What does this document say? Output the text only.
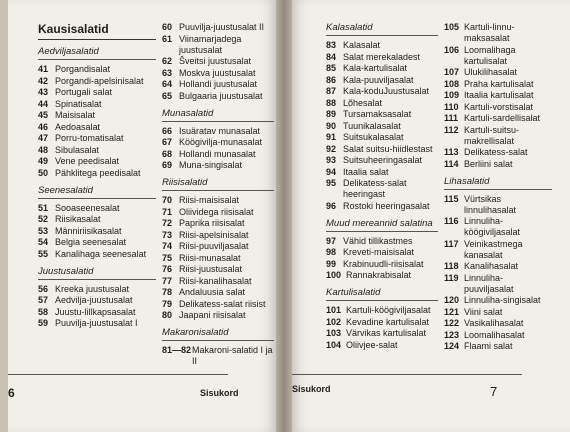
Kausisalatid
Aedviljasalatid
41 Porgandisalat
42 Porgandi-apelsinisalat
43 Portugali salat
44 Spinatisalat
45 Maisisalat
46 Aedoasalat
47 Porru-tomatisalat
48 Sibulasalat
49 Vene peedisalat
50 Pähklitega peedisalat
Seenesalatid
51 Sooaseenesalat
52 Riisikasalat
53 Männiriisikasalat
54 Belgia seenesalat
55 Kanalihaga seenesalat
Juustusalatid
56 Kreeka juustusalat
57 Aedvilja-juustusalat
58 Juustu-lillkapsasalat
59 Puuvilja-juustusalat I
60 Puuvilja-juustusalat II
61 Viinamarjadega juustusalat
62 Šveitsi juustusalat
63 Moskva juustusalat
64 Hollandi juustusalat
65 Bulgaaria juustusalat
Munasalatid
66 Isuäratav munasalat
67 Köögivilja-munasalat
68 Hollandi munasalat
69 Muna-singisalat
Riisisalatid
70 Riisi-maisisalat
71 Oliividega riisisalat
72 Paprika riisisalat
73 Riisi-apelsinisalat
74 Riisi-puuviljasalat
75 Riisi-munasalat
76 Riisi-juustusalat
77 Riisi-kanalihasalat
78 Andaluusia salat
79 Delikatess-salat riisist
80 Jaapani riisisalat
Makaronisalatid
81—82 Makaroni-salatid I ja II
6	Sisukord
Kalasalatid
83 Kalasalat
84 Salat merekaladest
85 Kala-kartulisalat
86 Kala-puuviljasalat
87 Kala-koduJuustusalat
88 Lõhesalat
89 Tursamaksasalat
90 Tuunikalasalat
91 Suitsukalasalat
92 Salat suitsu-hiidlestast
93 Suitsuheeringasalat
94 Itaalia salat
95 Delikatess-salat heeringast
96 Rostoki heeringasalat
Muud mereannid salatina
97 Vähid tillikastmes
98 Kreveti-maisisalat
99 Krabinuudli-riisisalat
100 Rannakrabisalat
Kartulisalatid
101 Kartuli-köögiviljasalat
102 Kevadine kartulisalat
103 Värvikas kartulisalat
104 Oliivjee-salat
105 Kartuli-linnu-maksasalat
106 Loomalihaga kartulisalat
107 Ulukilihasalat
108 Praha kartulisalat
109 Itaalia kartulisalat
110 Kartuli-vorstisalat
111 Kartuli-sardellisalat
112 Kartuli-suitsu-makrellisalat
113 Delikatess-salat
114 Berliini salat
Lihasalatid
115 Vürtsikas linnulihasalat
116 Linnuliha-köögiviljasalat
117 Veinikastmega kanasalat
118 Kanalihasalat
119 Linnuliha-puuviljasalat
120 Linnuliha-singisalat
121 Viini salat
122 Vasikalihasalat
123 Loomalihasalat
124 Flaami salat
Sisukord	7
